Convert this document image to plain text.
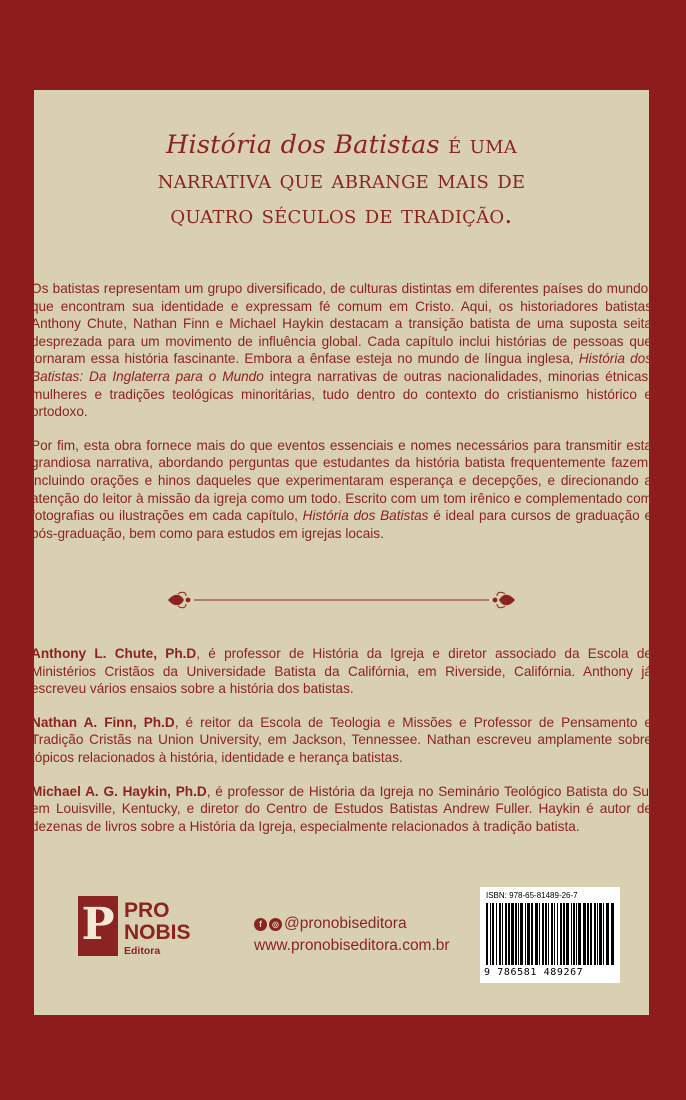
História dos Batistas é uma
narrativa que abrange mais de
quatro séculos de tradição.

Os batistas representam um grupo diversificado, de culturas distintas em diferentes países do mundo, que encontram sua identidade e expressam fé comum em Cristo. Aqui, os historiadores batistas Anthony Chute, Nathan Finn e Michael Haykin destacam a transição batista de uma suposta seita desprezada para um movimento de influência global. Cada capítulo inclui histórias de pessoas que tornaram essa história fascinante. Embora a ênfase esteja no mundo de língua inglesa, História dos Batistas: Da Inglaterra para o Mundo integra narrativas de outras nacionalidades, minorias étnicas, mulheres e tradições teológicas minoritárias, tudo dentro do contexto do cristianismo histórico e ortodoxo.

Por fim, esta obra fornece mais do que eventos essenciais e nomes necessários para transmitir esta grandiosa narrativa, abordando perguntas que estudantes da história batista frequentemente fazem, incluindo orações e hinos daqueles que experimentaram esperança e decepções, e direcionando a atenção do leitor à missão da igreja como um todo. Escrito com um tom irênico e complementado com fotografias ou ilustrações em cada capítulo, História dos Batistas é ideal para cursos de graduação e pós-graduação, bem como para estudos em igrejas locais.

Anthony L. Chute, Ph.D, é professor de História da Igreja e diretor associado da Escola de Ministérios Cristãos da Universidade Batista da Califórnia, em Riverside, Califórnia. Anthony já escreveu vários ensaios sobre a história dos batistas.

Nathan A. Finn, Ph.D, é reitor da Escola de Teologia e Missões e Professor de Pensamento e Tradição Cristãs na Union University, em Jackson, Tennessee. Nathan escreveu amplamente sobre tópicos relacionados à história, identidade e herança batistas.

Michael A. G. Haykin, Ph.D, é professor de História da Igreja no Seminário Teológico Batista do Sul em Louisville, Kentucky, e diretor do Centro de Estudos Batistas Andrew Fuller. Haykin é autor de dezenas de livros sobre a História da Igreja, especialmente relacionados à tradição batista.

P PRO
NOBIS
Editora
f	◎ @pronobiseditora
www.pronobiseditora.com.br
ISBN: 978-65-81489-26-7
9 786581 489267
